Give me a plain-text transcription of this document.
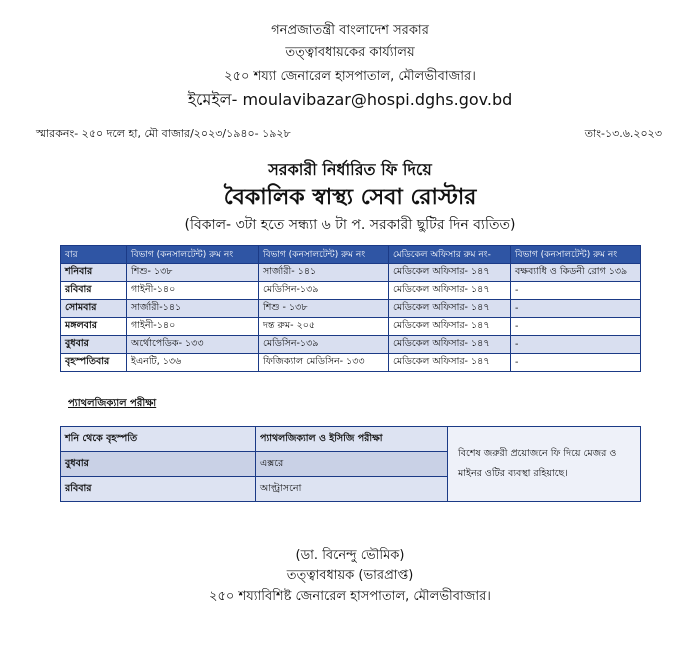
গনপ্রজাতন্ত্রী বাংলাদেশ সরকার
তত্ত্বাবধায়কের কার্য্যালয়
২৫০ শয্যা জেনারেল হাসপাতাল, মৌলভীবাজার।
ইমেইল- moulavibazar@hospi.dghs.gov.bd
স্মারকনং- ২৫০ দলে হা, মৌ বাজার/২০২৩/১৯৪০- ১৯২৮	তাং-১৩.৬.২০২৩
সরকারী নির্ধারিত ফি দিয়ে
বৈকালিক স্বাস্থ্য সেবা রোস্টার
(বিকাল- ৩টা হতে সন্ধ্যা ৬ টা প. সরকারী ছুটির দিন ব্যতিত)
বার	বিভাগ (কনসালটেন্ট) রুম নং	বিভাগ (কনসালটেন্ট) রুম নং	মেডিকেল অফিসার রুম নং-	বিভাগ (কনসালটেন্ট) রুম নং
শনিবার	শিশু- ১৩৮	সার্জারী- ১৪১	মেডিকেল অফিসার- ১৪৭	বক্ষব্যাধি ও কিডনী রোগ ১৩৯
রবিবার	গাইনী-১৪০	মেডিসিন-১৩৯	মেডিকেল অফিসার- ১৪৭	-
সোমবার	সার্জারী-১৪১	শিশু - ১৩৮	মেডিকেল অফিসার- ১৪৭	-
মঙ্গলবার	গাইনী-১৪০	দন্ত রুম- ২০৫	মেডিকেল অফিসার- ১৪৭	-
বুধবার	অর্থোপেডিক- ১৩৩	মেডিসিন-১৩৯	মেডিকেল অফিসার- ১৪৭	-
বৃহস্পতিবার	ইএনটি, ১৩৬	ফিজিক্যাল মেডিসিন- ১৩৩	মেডিকেল অফিসার- ১৪৭	-
প্যাথলজিক্যাল পরীক্ষা
শনি থেকে বৃহস্পতি	প্যাথলজিক্যাল ও ইসিজি পরীক্ষা	বিশেষ জরুরী প্রয়োজনে ফি দিয়ে মেজর ও মাইনর ওটির ব্যবস্থা রহিয়াছে।
বুধবার	এক্সরে	
রবিবার	আল্ট্রাসনো	
(ডা. বিনেন্দু ভৌমিক)
তত্ত্বাবধায়ক (ভারপ্রাপ্ত)
২৫০ শয্যাবিশিষ্ট জেনারেল হাসপাতাল, মৌলভীবাজার।
